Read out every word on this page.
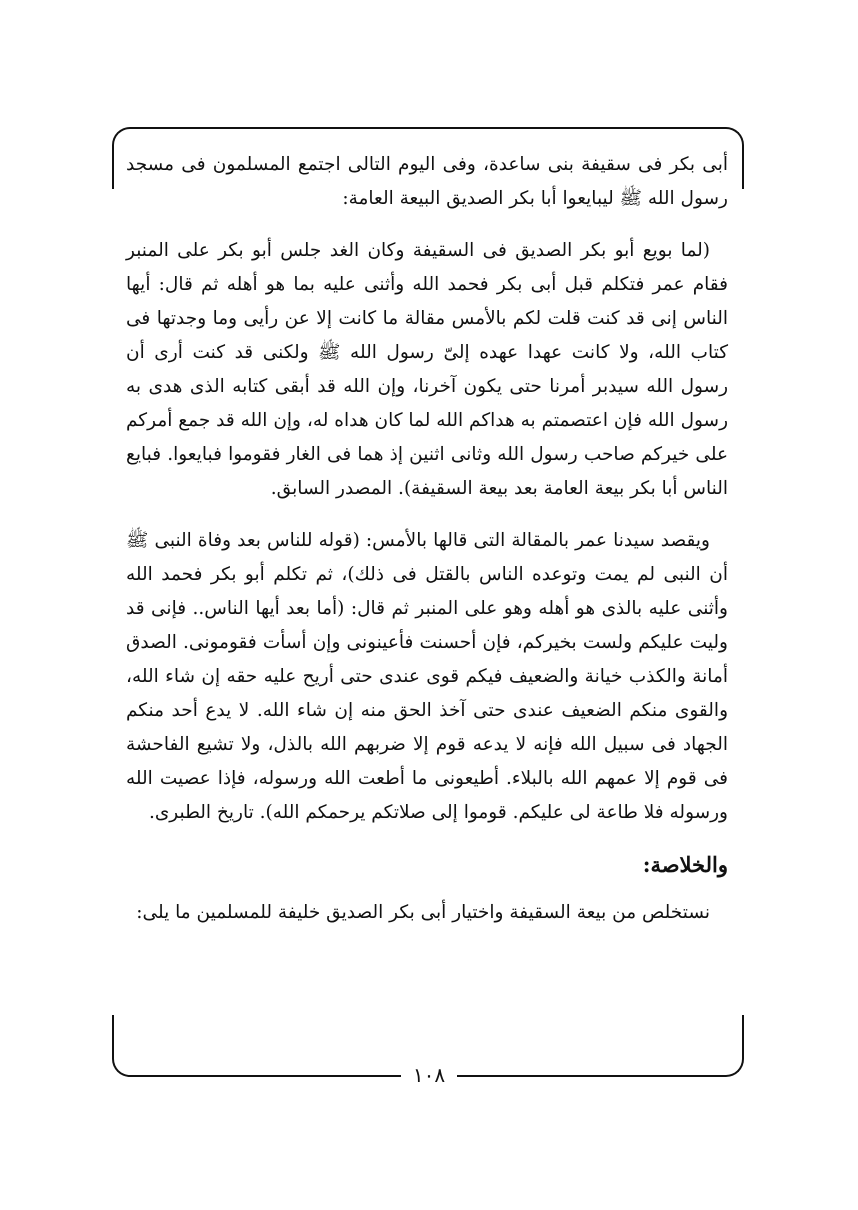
أبى بكر فى سقيفة بنى ساعدة، وفى اليوم التالى اجتمع المسلمون فى مسجد رسول الله ﷺ ليبايعوا أبا بكر الصديق البيعة العامة:

(لما بويع أبو بكر الصديق فى السقيفة وكان الغد جلس أبو بكر على المنبر فقام عمر فتكلم قبل أبى بكر فحمد الله وأثنى عليه بما هو أهله ثم قال: أيها الناس إنى قد كنت قلت لكم بالأمس مقالة ما كانت إلا عن رأيى وما وجدتها فى كتاب الله، ولا كانت عهدا عهده إلىّ رسول الله ﷺ ولكنى قد كنت أرى أن رسول الله سيدبر أمرنا حتى يكون آخرنا، وإن الله قد أبقى كتابه الذى هدى به رسول الله فإن اعتصمتم به هداكم الله لما كان هداه له، وإن الله قد جمع أمركم على خيركم صاحب رسول الله وثانى اثنين إذ هما فى الغار فقوموا فبايعوا. فبايع الناس أبا بكر بيعة العامة بعد بيعة السقيفة). المصدر السابق.

ويقصد سيدنا عمر بالمقالة التى قالها بالأمس: (قوله للناس بعد وفاة النبى ﷺ أن النبى لم يمت وتوعده الناس بالقتل فى ذلك)، ثم تكلم أبو بكر فحمد الله وأثنى عليه بالذى هو أهله وهو على المنبر ثم قال: (أما بعد أيها الناس.. فإنى قد وليت عليكم ولست بخيركم، فإن أحسنت فأعينونى وإن أسأت فقومونى. الصدق أمانة والكذب خيانة والضعيف فيكم قوى عندى حتى أريح عليه حقه إن شاء الله، والقوى منكم الضعيف عندى حتى آخذ الحق منه إن شاء الله. لا يدع أحد منكم الجهاد فى سبيل الله فإنه لا يدعه قوم إلا ضربهم الله بالذل، ولا تشيع الفاحشة فى قوم إلا عمهم الله بالبلاء. أطيعونى ما أطعت الله ورسوله، فإذا عصيت الله ورسوله فلا طاعة لى عليكم. قوموا إلى صلاتكم يرحمكم الله). تاريخ الطبرى.

والخلاصة:

نستخلص من بيعة السقيفة واختيار أبى بكر الصديق خليفة للمسلمين ما يلى:

١٠٨
